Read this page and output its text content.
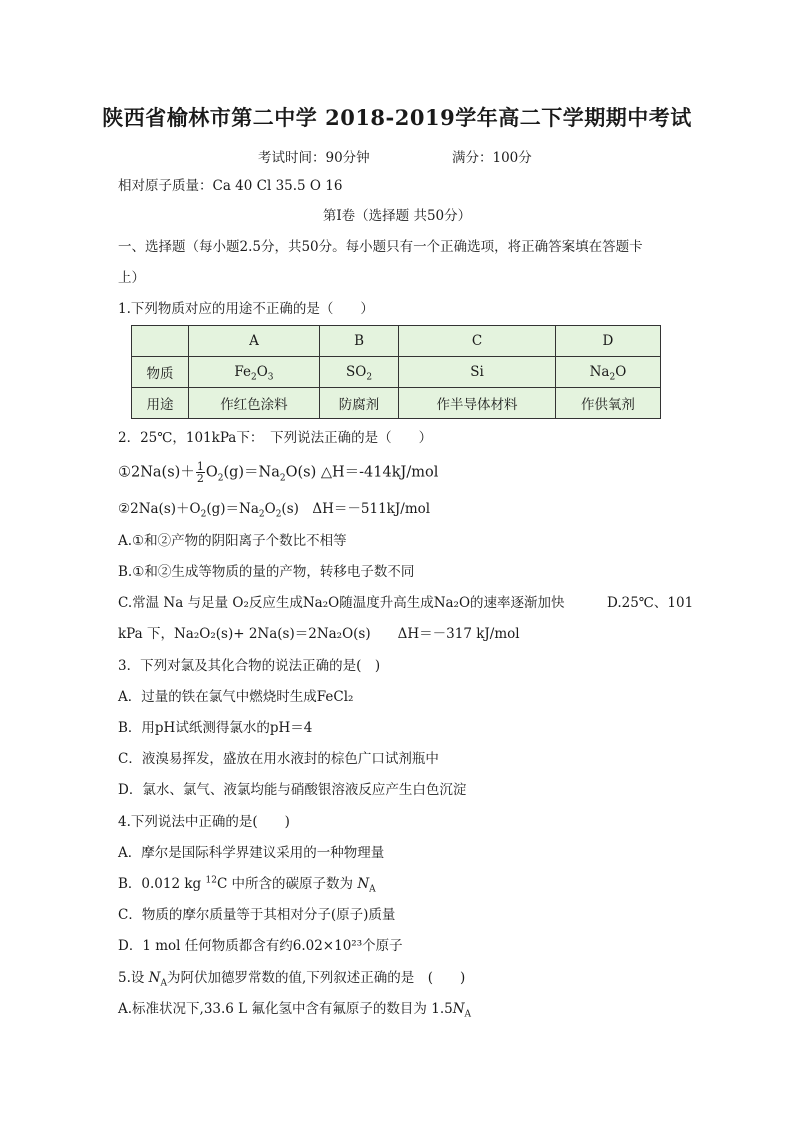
陕西省榆林市第二中学 2018-2019学年高二下学期期中考试
考试时间：90分钟	满分：100分
相对原子质量：Ca 40 Cl 35.5 O 16
第Ⅰ卷（选择题 共50分）
一、选择题（每小题2.5分，共50分。每小题只有一个正确选项，将正确答案填在答题卡
上）
1.下列物质对应的用途不正确的是（　　）
	A	B	C	D
物质	$Fe_2O_3$	$SO_2$	Si	$Na_2O$
用途	作红色涂料	防腐剂	作半导体材料	作供氧剂
2．25℃，101kPa下：　下列说法正确的是（　　）
①2Na(s)＋ $\frac{1}{2} O_2(g)=Na_2O(s)$ △H＝-414kJ/mol
$②2Na(s)+O_2(g)=Na_2O_2(s)$　ΔH＝－511kJ/mol
A.①和②产物的阴阳离子个数比不相等
B.①和②生成等物质的量的产物，转移电子数不同
C.常温 Na 与足量 O₂反应生成Na₂O随温度升高生成Na₂O的速率逐渐加快	D.25℃、101
kPa 下，Na₂O₂(s)+ 2Na(s)＝2Na₂O(s)　　ΔH＝－317 kJ/mol
3．下列对氯及其化合物的说法正确的是(　)
A．过量的铁在氯气中燃烧时生成FeCl₂
B．用pH试纸测得氯水的pH＝4
C．液溴易挥发，盛放在用水液封的棕色广口试剂瓶中
D．氯水、氯气、液氯均能与硝酸银溶液反应产生白色沉淀
4.下列说法中正确的是(　　)
A．摩尔是国际科学界建议采用的一种物理量
B．0.012 kg $^{12}$C 中所含的碳原子数为 $N_A$
C．物质的摩尔质量等于其相对分子(原子)质量
D．1 mol 任何物质都含有约6.02×10²³个原子
5.设 $N_A$为阿伏加德罗常数的值,下列叙述正确的是　(　　)
A.标准状况下,33.6 L 氟化氢中含有氟原子的数目为 $1.5N_A$
